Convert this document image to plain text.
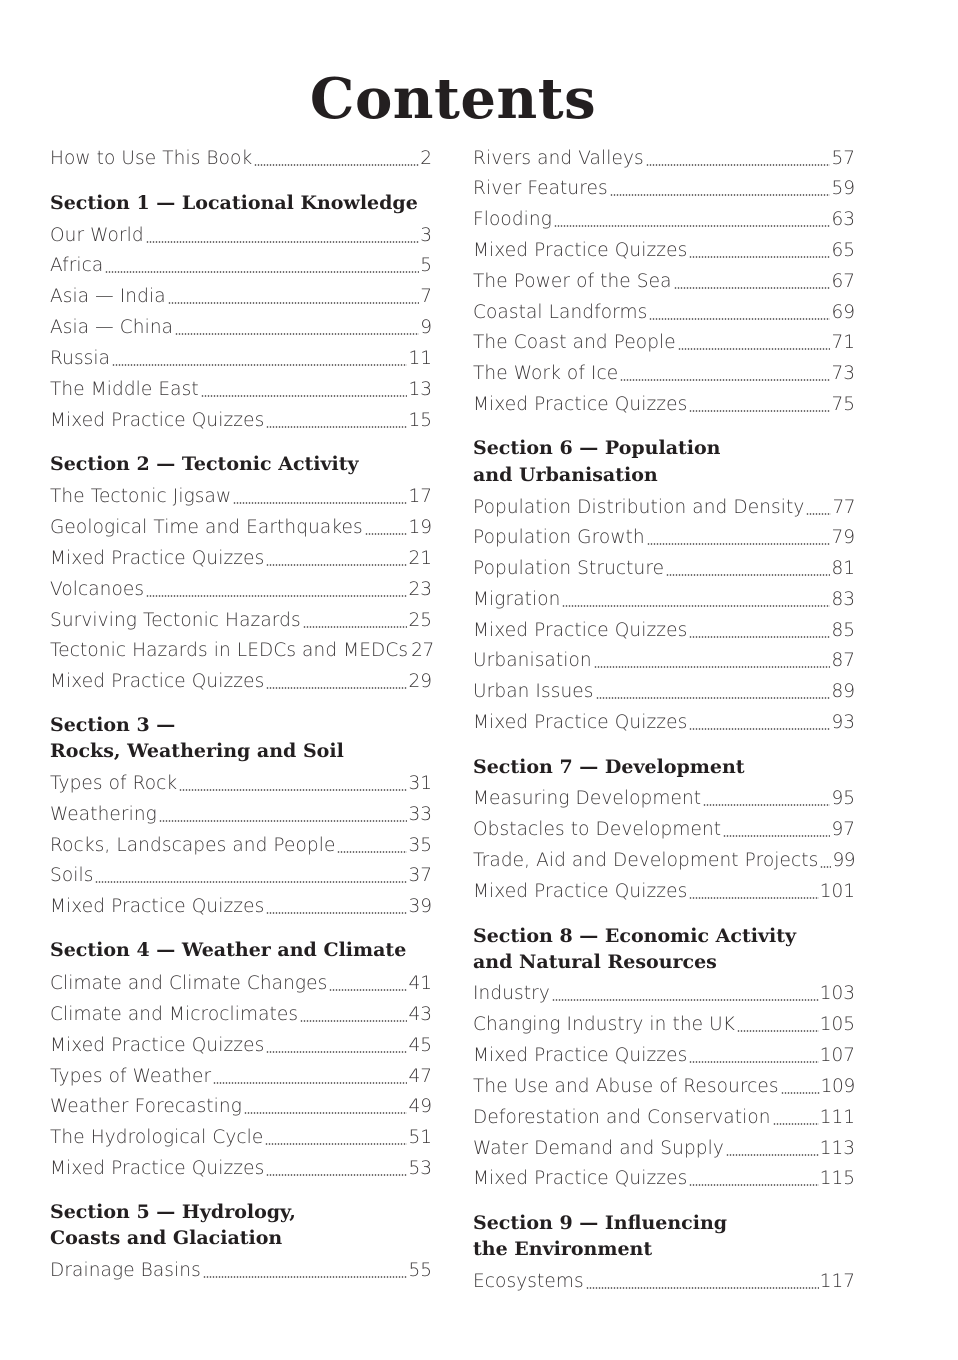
Contents
How to Use This Book	2
Section 1 — Locational Knowledge
Our World	3
Africa	5
Asia — India	7
Asia — China	9
Russia	11
The Middle East	13
Mixed Practice Quizzes	15
Section 2 — Tectonic Activity
The Tectonic Jigsaw	17
Geological Time and Earthquakes 19
Mixed Practice Quizzes	21
Volcanoes	23
Surviving Tectonic Hazards	25
Tectonic Hazards in LEDCs and MEDCs 27
Mixed Practice Quizzes	29
Section 3 —
Rocks, Weathering and Soil
Types of Rock	31
Weathering	33
Rocks, Landscapes and People	35
Soils	37
Mixed Practice Quizzes	39
Section 4 — Weather and Climate
Climate and Climate Changes	41
Climate and Microclimates	43
Mixed Practice Quizzes	45
Types of Weather	47
Weather Forecasting	49
The Hydrological Cycle	51
Mixed Practice Quizzes	53
Section 5 — Hydrology,
Coasts and Glaciation
Drainage Basins	55
Rivers and Valleys	57
River Features	59
Flooding	63
Mixed Practice Quizzes	65
The Power of the Sea	67
Coastal Landforms	69
The Coast and People	71
The Work of Ice	73
Mixed Practice Quizzes	75
Section 6 — Population
and Urbanisation
Population Distribution and Density 77
Population Growth	79
Population Structure	81
Migration	83
Mixed Practice Quizzes	85
Urbanisation	87
Urban Issues	89
Mixed Practice Quizzes	93
Section 7 — Development
Measuring Development	95
Obstacles to Development	97
Trade, Aid and Development Projects 99
Mixed Practice Quizzes	101
Section 8 — Economic Activity
and Natural Resources
Industry	103
Changing Industry in the UK	105
Mixed Practice Quizzes	107
The Use and Abuse of Resources 109
Deforestation and Conservation	111
Water Demand and Supply	113
Mixed Practice Quizzes	115
Section 9 — Influencing
the Environment
Ecosystems	117
